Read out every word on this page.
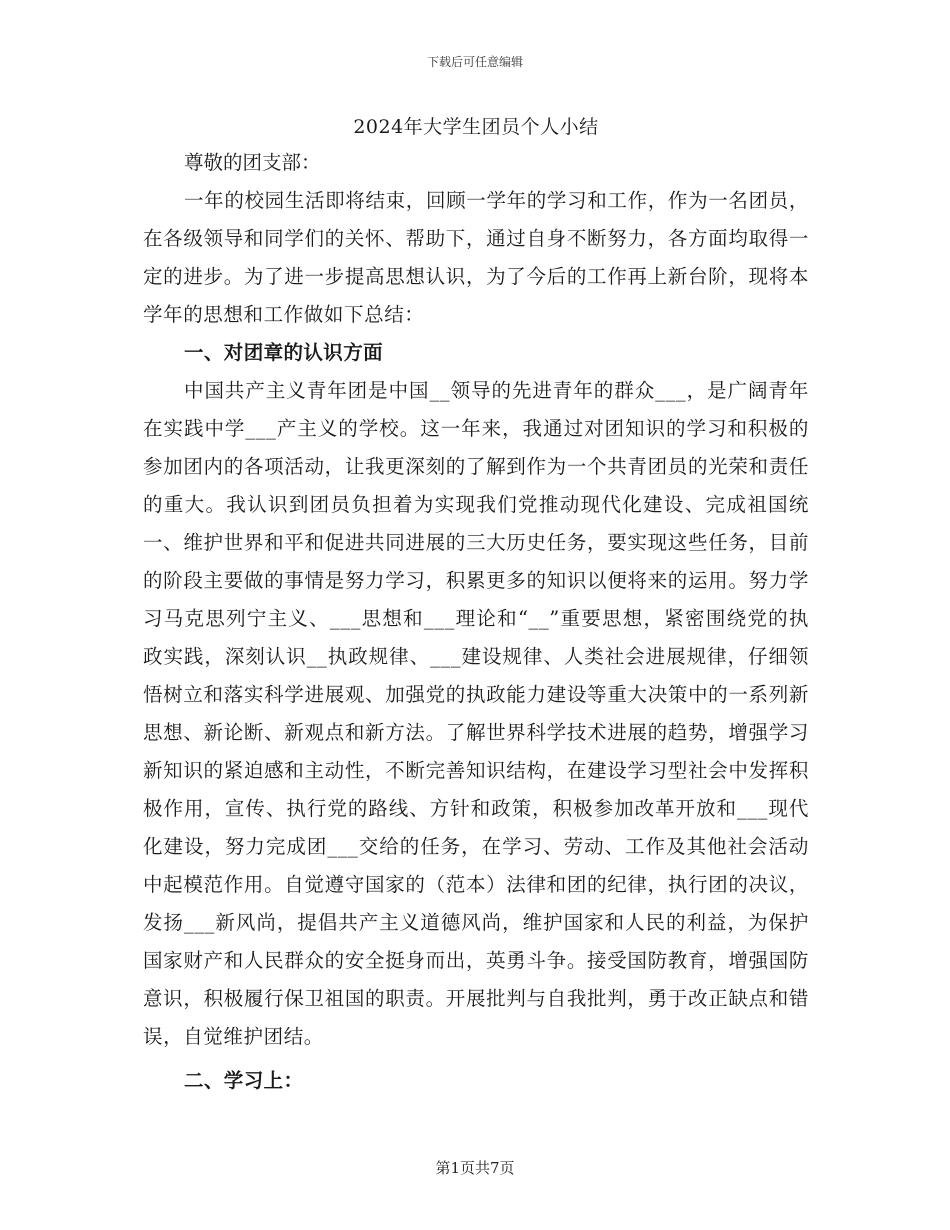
下载后可任意编辑
2024年大学生团员个人小结

尊敬的团支部：

一年的校园生活即将结束，回顾一学年的学习和工作，作为一名团员，在各级领导和同学们的关怀、帮助下，通过自身不断努力，各方面均取得一定的进步。为了进一步提高思想认识，为了今后的工作再上新台阶，现将本学年的思想和工作做如下总结：

一、对团章的认识方面

中国共产主义青年团是中国__领导的先进青年的群众___，是广阔青年在实践中学___产主义的学校。这一年来，我通过对团知识的学习和积极的参加团内的各项活动，让我更深刻的了解到作为一个共青团员的光荣和责任的重大。我认识到团员负担着为实现我们党推动现代化建设、完成祖国统一、维护世界和平和促进共同进展的三大历史任务，要实现这些任务，目前的阶段主要做的事情是努力学习，积累更多的知识以便将来的运用。努力学习马克思列宁主义、___思想和___理论和“__”重要思想，紧密围绕党的执政实践，深刻认识__执政规律、___建设规律、人类社会进展规律，仔细领悟树立和落实科学进展观、加强党的执政能力建设等重大决策中的一系列新思想、新论断、新观点和新方法。了解世界科学技术进展的趋势，增强学习新知识的紧迫感和主动性，不断完善知识结构，在建设学习型社会中发挥积极作用，宣传、执行党的路线、方针和政策，积极参加改革开放和___现代化建设，努力完成团___交给的任务，在学习、劳动、工作及其他社会活动中起模范作用。自觉遵守国家的（范本）法律和团的纪律，执行团的决议，发扬___新风尚，提倡共产主义道德风尚，维护国家和人民的利益，为保护国家财产和人民群众的安全挺身而出，英勇斗争。接受国防教育，增强国防意识，积极履行保卫祖国的职责。开展批判与自我批判，勇于改正缺点和错误，自觉维护团结。

二、学习上：

第1页共7页
